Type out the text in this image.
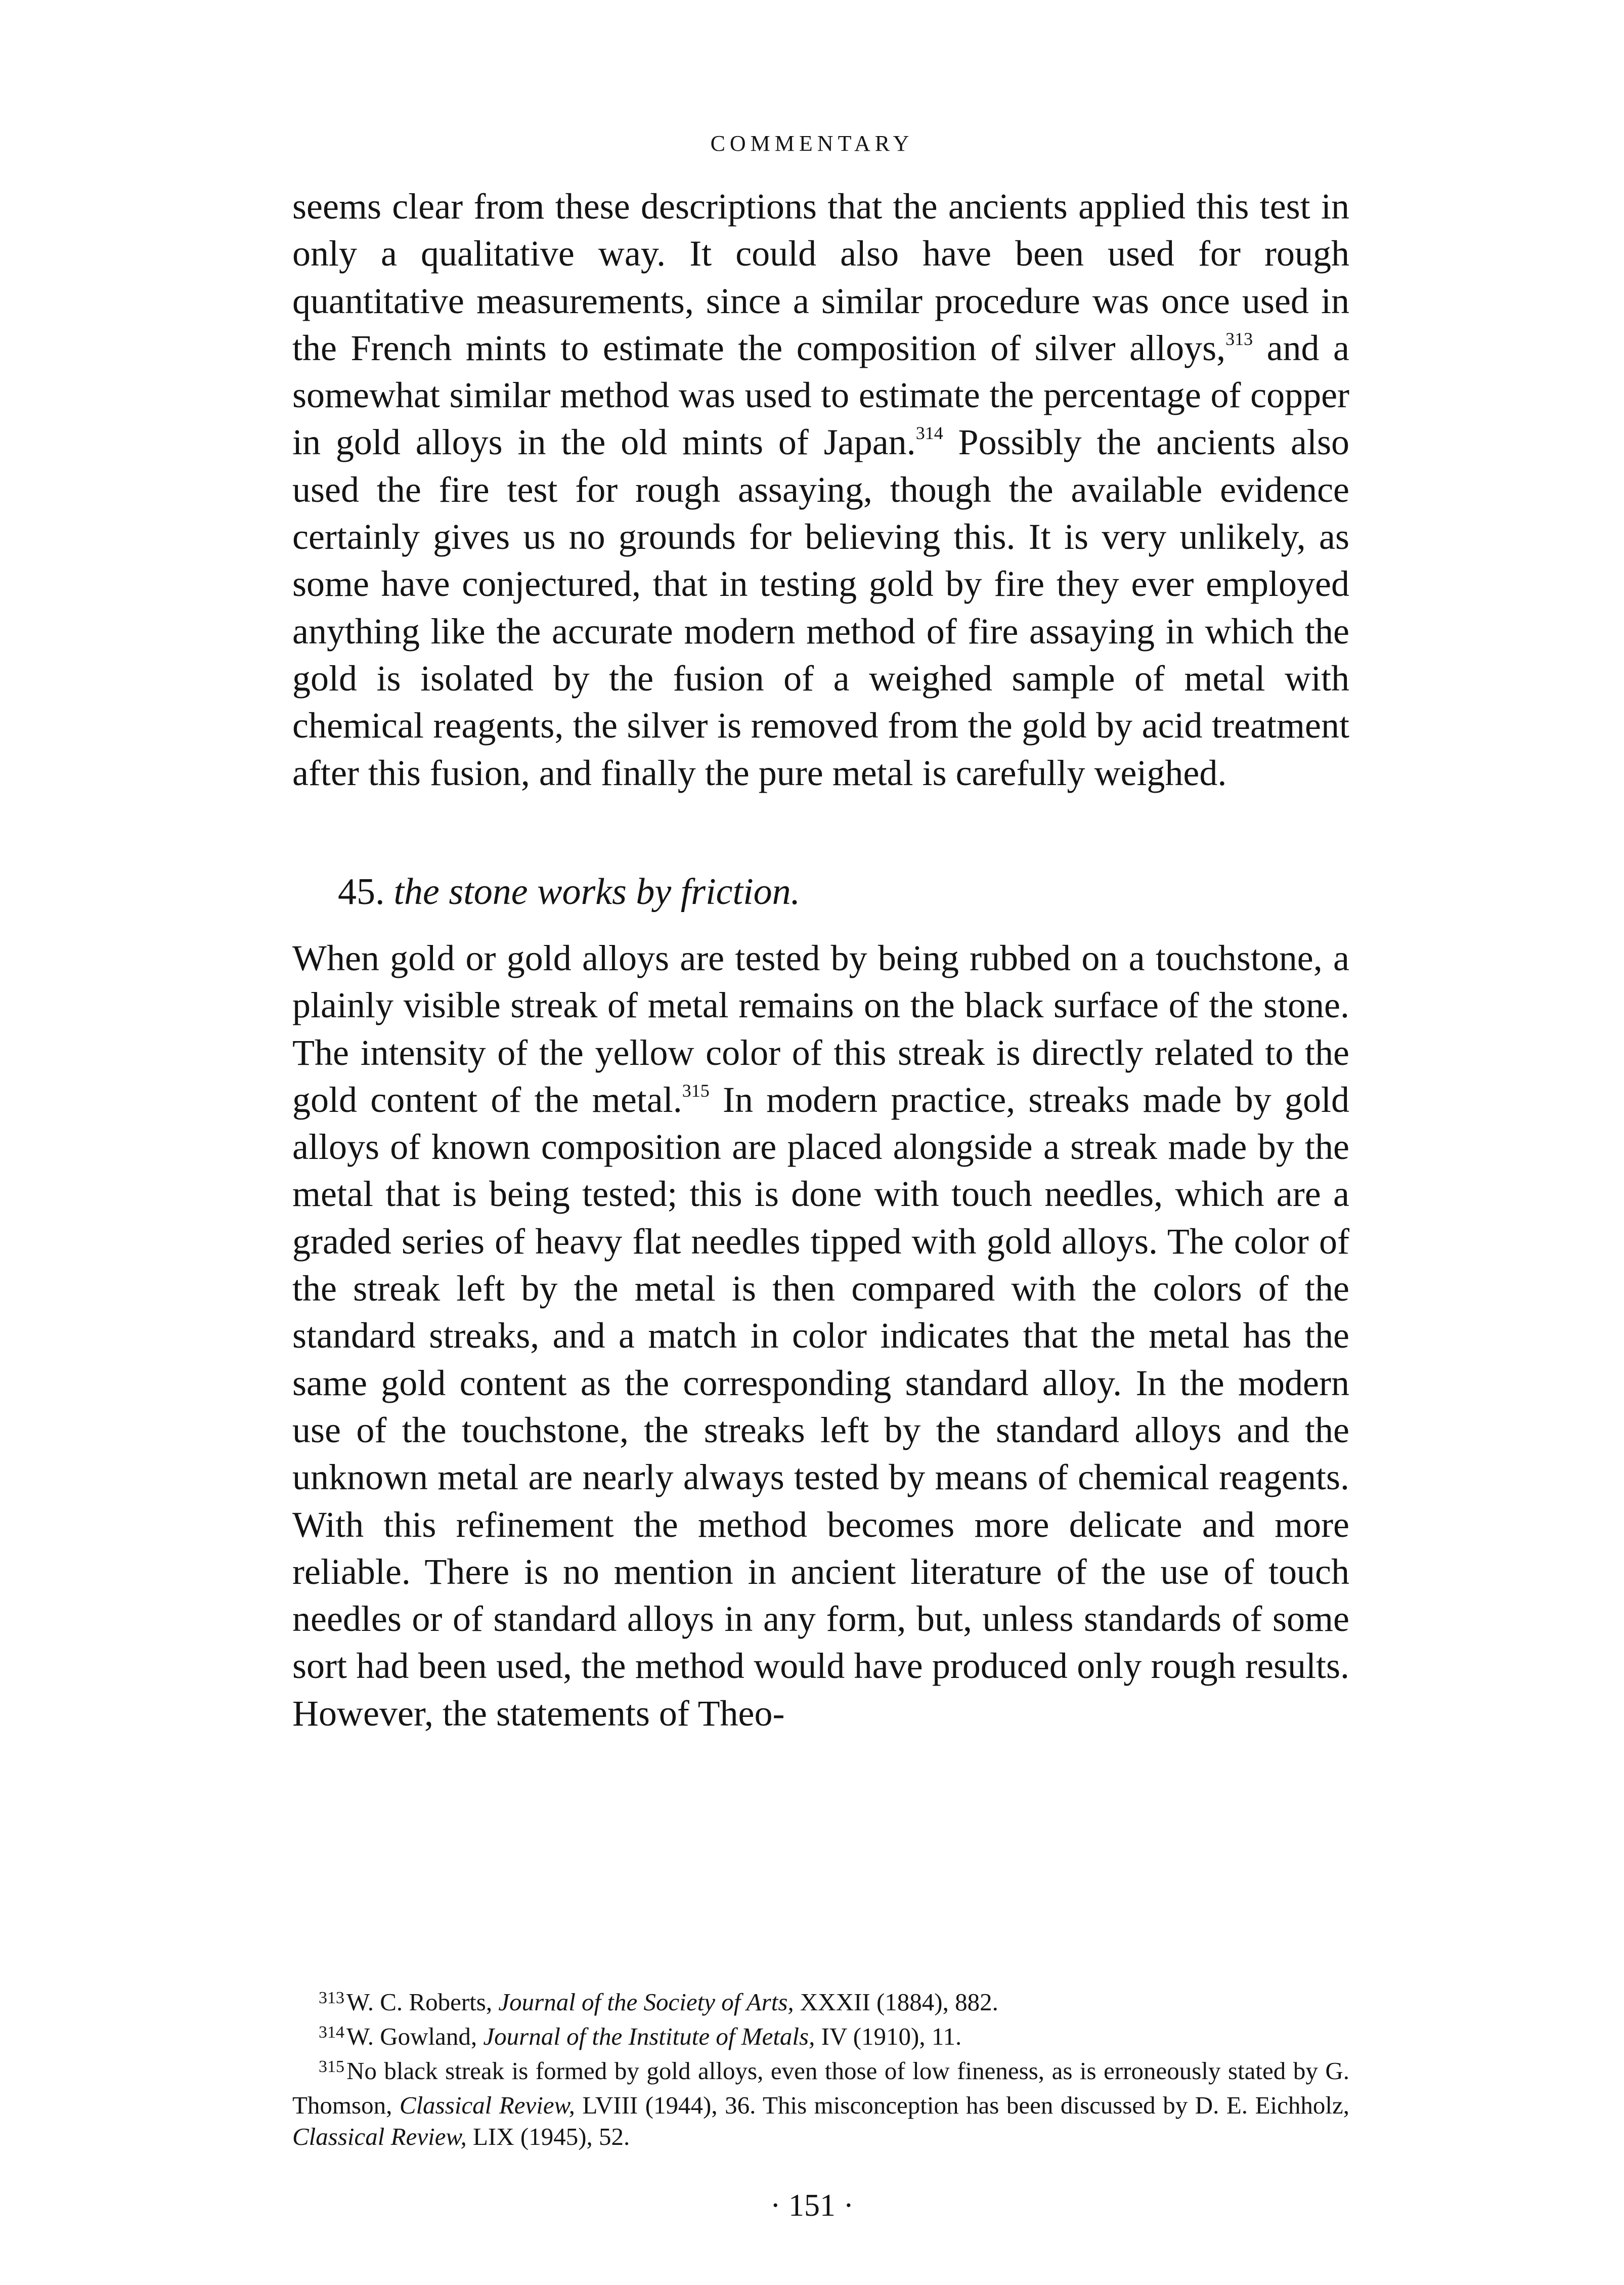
COMMENTARY

seems clear from these descriptions that the ancients applied this test in only a qualitative way. It could also have been used for rough quantitative measurements, since a similar procedure was once used in the French mints to estimate the composition of silver alloys,$^{313}$ and a somewhat similar method was used to estimate the percentage of copper in gold alloys in the old mints of Japan.$^{314}$ Possibly the ancients also used the fire test for rough assaying, though the available evidence certainly gives us no grounds for believing this. It is very unlikely, as some have conjectured, that in testing gold by fire they ever employed anything like the accurate modern method of fire assaying in which the gold is isolated by the fusion of a weighed sample of metal with chemical reagents, the silver is removed from the gold by acid treatment after this fusion, and finally the pure metal is carefully weighed.

45. the stone works by friction.

When gold or gold alloys are tested by being rubbed on a touchstone, a plainly visible streak of metal remains on the black surface of the stone. The intensity of the yellow color of this streak is directly related to the gold content of the metal.$^{315}$ In modern practice, streaks made by gold alloys of known composition are placed alongside a streak made by the metal that is being tested; this is done with touch needles, which are a graded series of heavy flat needles tipped with gold alloys. The color of the streak left by the metal is then compared with the colors of the standard streaks, and a match in color indicates that the metal has the same gold content as the corresponding standard alloy. In the modern use of the touchstone, the streaks left by the standard alloys and the unknown metal are nearly always tested by means of chemical reagents. With this refinement the method becomes more delicate and more reliable. There is no mention in ancient literature of the use of touch needles or of standard alloys in any form, but, unless standards of some sort had been used, the method would have produced only rough results. However, the statements of Theo-

$^{313}$W. C. Roberts, Journal of the Society of Arts, XXXII (1884), 882.

$^{314}$W. Gowland, Journal of the Institute of Metals, IV (1910), 11.

$^{315}$No black streak is formed by gold alloys, even those of low fineness, as is erroneously stated by G. Thomson, Classical Review, LVIII (1944), 36. This misconception has been discussed by D. E. Eichholz, Classical Review, LIX (1945), 52.

· 151 ·
